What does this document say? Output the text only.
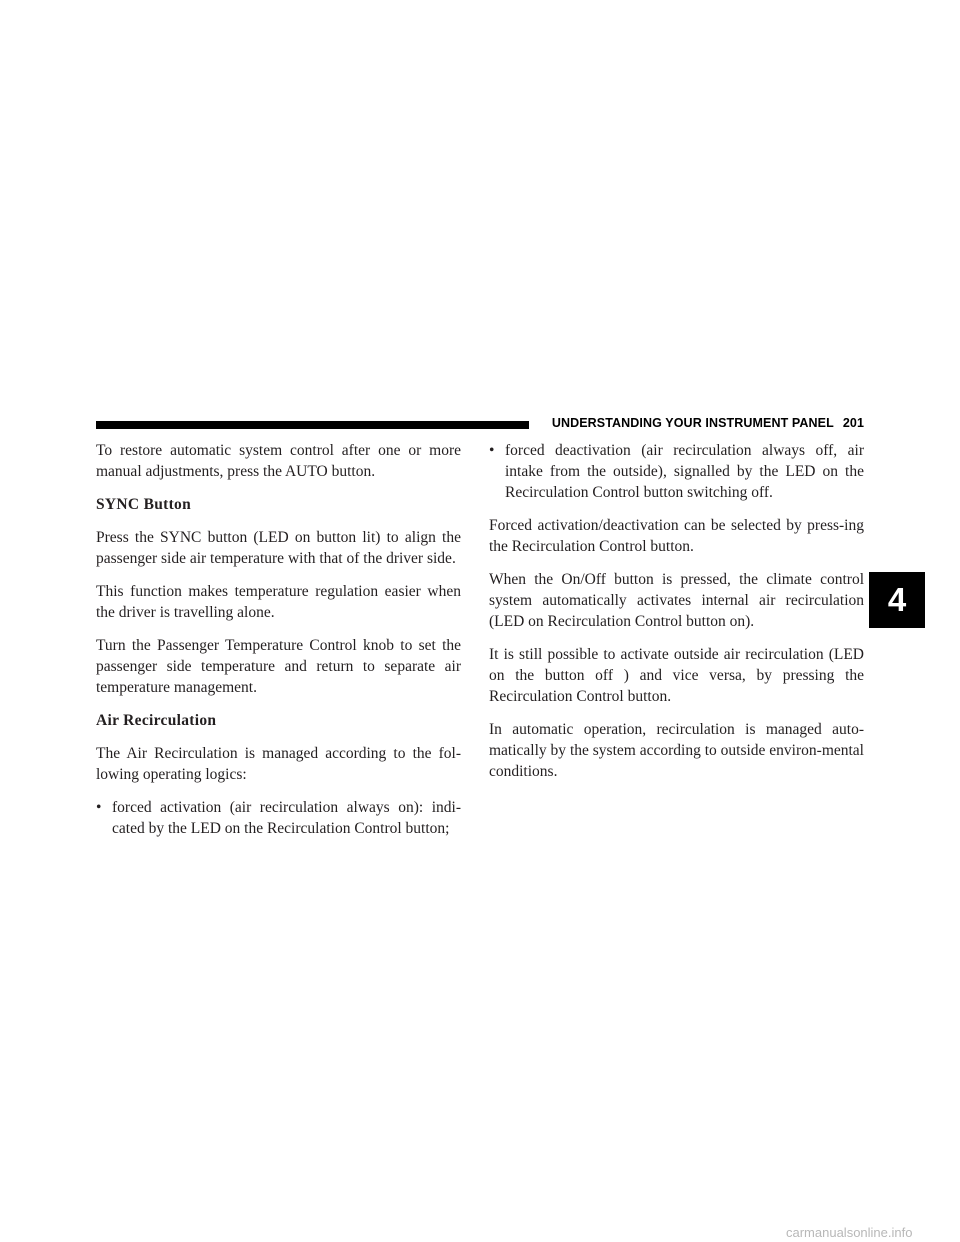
UNDERSTANDING YOUR INSTRUMENT PANEL 201

To restore automatic system control after one or more manual adjustments, press the AUTO button.

SYNC Button

Press the SYNC button (LED on button lit) to align the passenger side air temperature with that of the driver side.

This function makes temperature regulation easier when the driver is travelling alone.

Turn the Passenger Temperature Control knob to set the passenger side temperature and return to separate air temperature management.

Air Recirculation

The Air Recirculation is managed according to the fol-lowing operating logics:

• forced activation (air recirculation always on): indi-cated by the LED on the Recirculation Control button;
• forced deactivation (air recirculation always off, air intake from the outside), signalled by the LED on the Recirculation Control button switching off.

Forced activation/deactivation can be selected by press-ing the Recirculation Control button.

When the On/Off button is pressed, the climate control system automatically activates internal air recirculation (LED on Recirculation Control button on).

It is still possible to activate outside air recirculation (LED on the button off ) and vice versa, by pressing the Recirculation Control button.

In automatic operation, recirculation is managed auto-matically by the system according to outside environ-mental conditions.

4
carmanualsonline.info
